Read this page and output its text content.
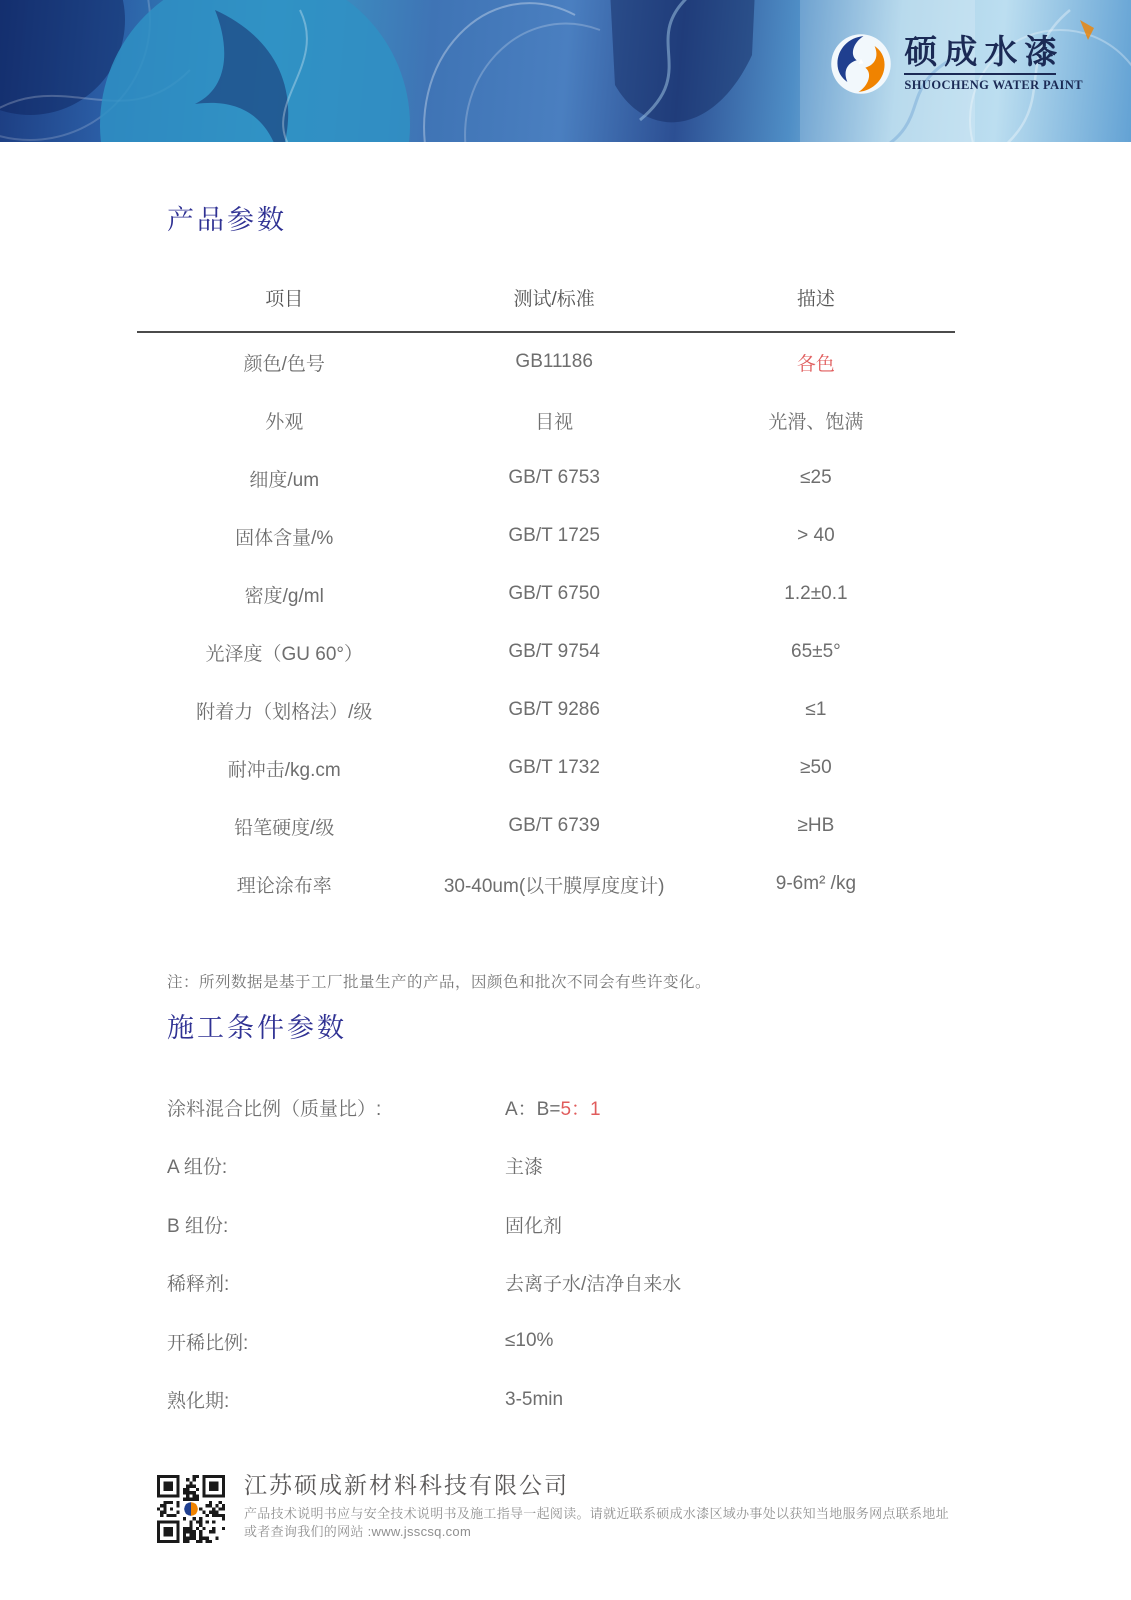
硕成水漆
SHUOCHENG WATER PAINT
产品参数
项目	测试/标准	描述
颜色/色号	GB11186	各色
外观	目视	光滑、饱满
细度/um	GB/T 6753	≤25
固体含量/%	GB/T 1725	> 40
密度/g/ml	GB/T 6750	1.2±0.1
光泽度（GU 60°）	GB/T 9754	65±5°
附着力（划格法）/级	GB/T 9286	≤1
耐冲击/kg.cm	GB/T 1732	≥50
铅笔硬度/级	GB/T 6739	≥HB
理论涂布率	30-40um(以干膜厚度度计)	9-6m² /kg

注：所列数据是基于工厂批量生产的产品，因颜色和批次不同会有些许变化。

施工条件参数
涂料混合比例（质量比）:	A：B=5：1
A 组份:	主漆
B 组份:	固化剂
稀释剂:	去离子水/洁净自来水
开稀比例:	≤10%
熟化期:	3-5min
江苏硕成新材料科技有限公司
产品技术说明书应与安全技术说明书及施工指导一起阅读。请就近联系硕成水漆区域办事处以获知当地服务网点联系地址
或者查询我们的网站 :www.jsscsq.com
